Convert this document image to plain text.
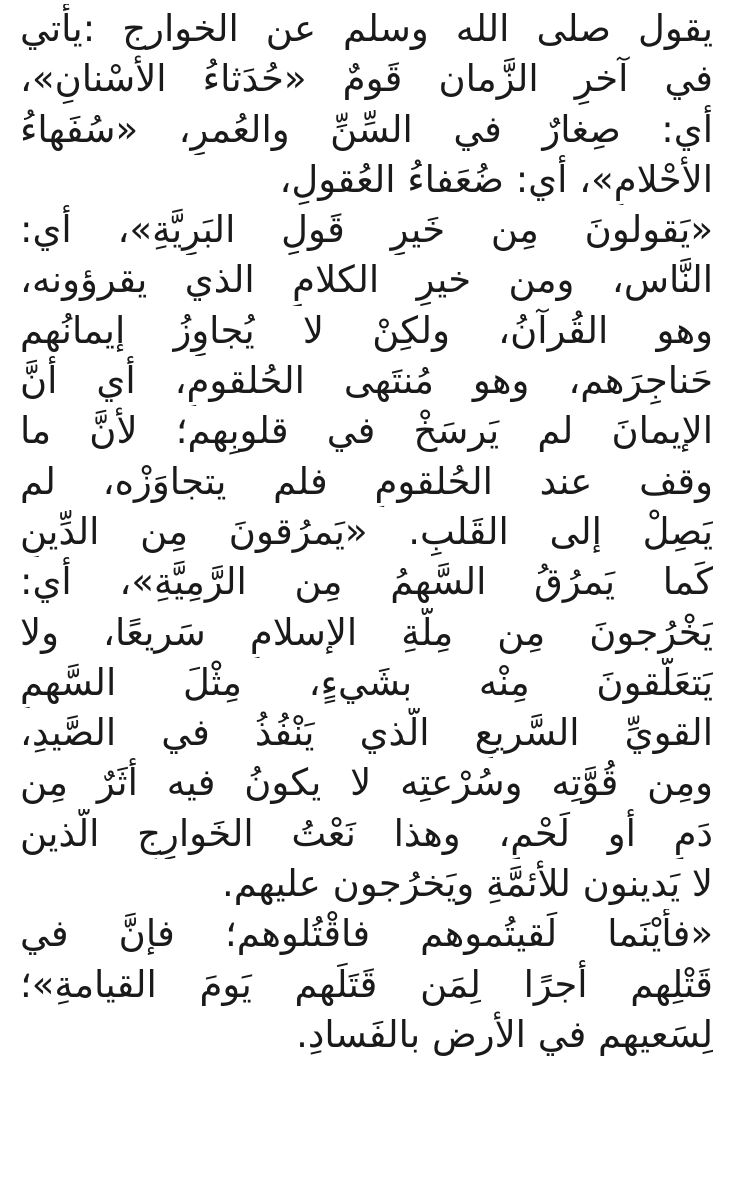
يقول صلى الله وسلم عن الخوارج :يأْتي
في آخرِ الزَّمان قَومٌ «حُدَثاءُ الأَسْنانِ»،
أي: صِغارٌ في السِّنِّ والعُمرِ، «سُفَهاءُ
الأَحْلامِ»، أي: ضُعَفاءُ العُقولِ،
«يَقولونَ مِن خَيرِ قَولِ البَرِيَّةِ»، أي:
النَّاس، ومن خيرِ الكلامِ الذي يقرؤونه،
وهو القُرآنُ، ولكِنْ لا يُجاوِزُ إيمانُهم
حَناجِرَهم، وهو مُنتَهى الحُلقومِ، أي أنَّ
الإيمانَ لم يَرسَخْ في قلوبِهم؛ لأنَّ ما
وقف عند الحُلقومِ فلم يتجاوَزْه، لم
يَصِلْ إلى القَلبِ. «يَمرُقونَ مِن الدِّينِ
كَما يَمرُقُ السَّهمُ مِن الرَّمِيَّةِ»، أي:
يَخْرُجونَ مِن مِلَّةِ الإسلامِ سَريعًا، ولا
يَتعَلَّقونَ مِنْه بشَيءٍ، مِثْلَ السَّهمِ
القويِّ السَّريعِ الَّذي يَنْفُذُ في الصَّيدِ،
ومِن قُوَّتِه وسُرْعتِه لا يكونُ فيه أثَرٌ مِن
دَمٍ أو لَحْمٍ، وهذا نَعْتُ الخَوارِجِ الَّذين
لا يَدينون للأئمَّةِ ويَخرُجون عليهم.
«فأيْنَما لَقيتُموهم فاقْتُلوهم؛ فإنَّ في
قَتْلِهم أجرًا لِمَن قَتَلَهم يَومَ القيامةِ»؛
لِسَعيهم في الأرضِ بالفَسادِ.
